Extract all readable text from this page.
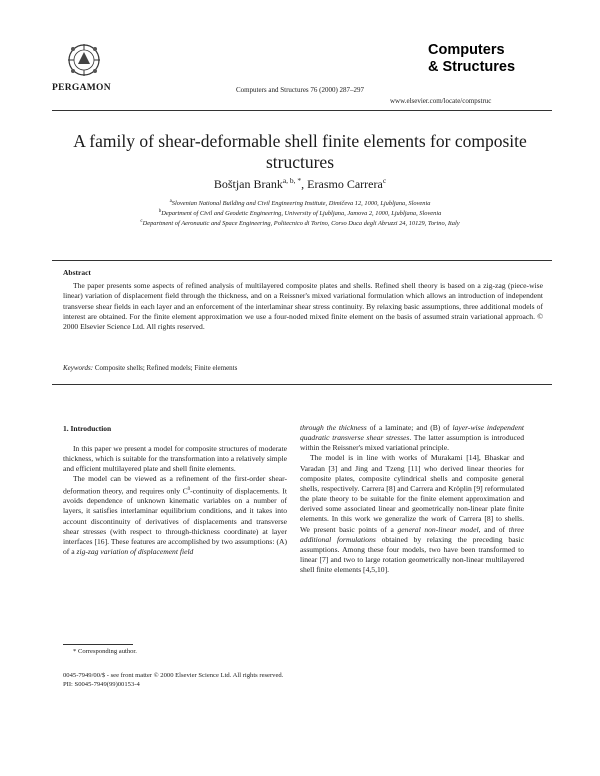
PERGAMON	Computers and Structures 76 (2000) 287–297
Computers
& Structures
www.elsevier.com/locate/compstruc
A family of shear-deformable shell finite elements for composite structures
Boštjan Brank$^{a, b, *}$, Erasmo Carrera$^c$
$^a$Slovenian National Building and Civil Engineering Institute, Dimičeva 12, 1000, Ljubljana, Slovenia
$^b$Department of Civil and Geodetic Engineering, University of Ljubljana, Jamova 2, 1000, Ljubljana, Slovenia
$^c$Department of Aeronautic and Space Engineering, Politecnico di Torino, Corso Duca degli Abruzzi 24, 10129, Torino, Italy
Abstract
The paper presents some aspects of refined analysis of multilayered composite plates and shells. Refined shell theory is based on a zig-zag (piece-wise linear) variation of displacement field through the thickness, and on a Reissner's mixed variational formulation which allows an introduction of independent transverse shear fields in each layer and an enforcement of the interlaminar shear stress continuity. By relaxing basic assumptions, three additional models of interest are obtained. For the finite element approximation we use a four-noded mixed finite element on the basis of assumed strain variational approach. © 2000 Elsevier Science Ltd. All rights reserved.
Keywords: Composite shells; Refined models; Finite elements
1. Introduction

In this paper we present a model for composite structures of moderate thickness, which is suitable for the transformation into a relatively simple and efficient multilayered plate and shell finite elements.

The model can be viewed as a refinement of the first-order shear-deformation theory, and requires only $C^0$-continuity of displacements. It avoids dependence of unknown kinematic variables on a number of layers, it satisfies interlaminar equilibrium conditions, and it takes into account discontinuity of derivatives of displacements and transverse shear stresses (with respect to through-thickness coordinate) at layer interfaces [16]. These features are accomplished by two assumptions: (A) of a zig-zag variation of displacement field

through the thickness of a laminate; and (B) of layer-wise independent quadratic transverse shear stresses. The latter assumption is introduced within the Reissner's mixed variational principle.

The model is in line with works of Murakami [14], Bhaskar and Varadan [3] and Jing and Tzeng [11] who derived linear theories for composite plates, composite cylindrical shells and composite general shells, respectively. Carrera [8] and Carrera and Kröplin [9] reformulated the plate theory to be suitable for the finite element approximation and derived some associated linear and geometrically non-linear plate finite elements. In this work we generalize the work of Carrera [8] to shells. We present basic points of a general non-linear model, and of three additional formulations obtained by relaxing the preceding basic assumptions. Among these four models, two have been transformed to linear [7] and two to large rotation geometrically non-linear multilayered shell finite elements [4,5,10].

* Corresponding author.
0045-7949/00/$ - see front matter © 2000 Elsevier Science Ltd. All rights reserved.
PII: S0045-7949(99)00153-4
